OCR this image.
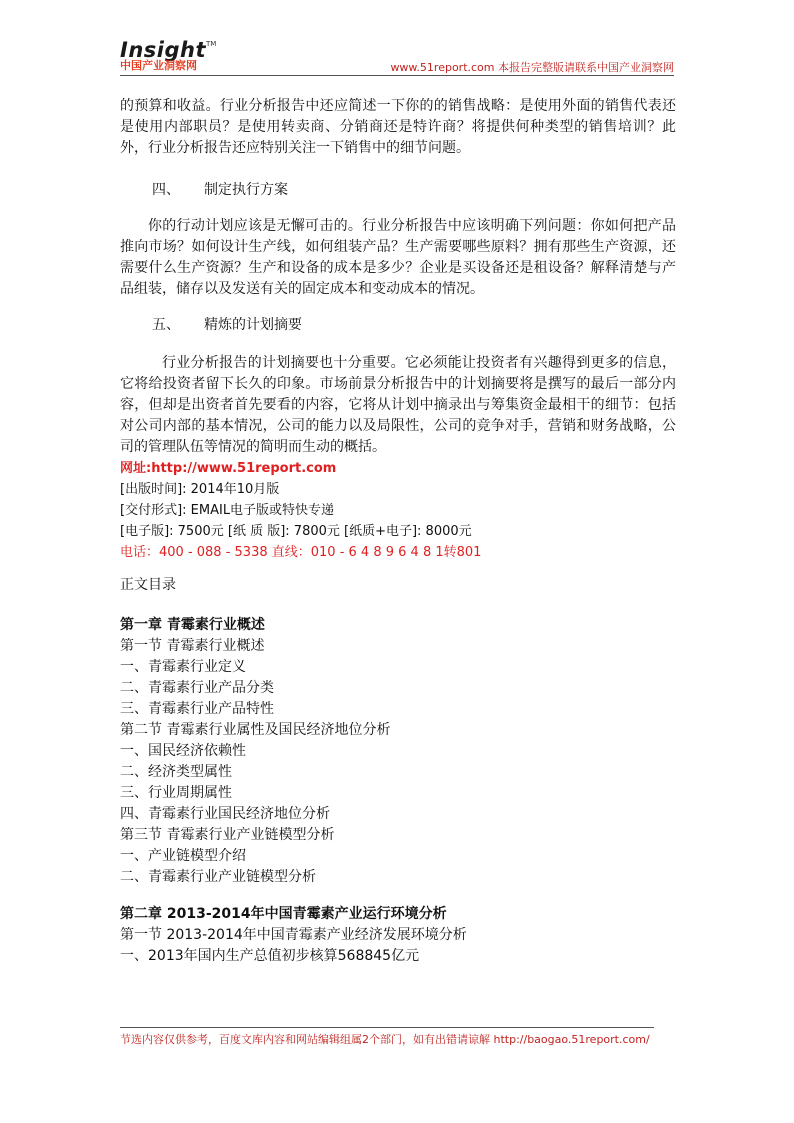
Insight TM
中国产业洞察网	www.51report.com 本报告完整版请联系中国产业洞察网

的预算和收益。行业分析报告中还应简述一下你的的销售战略：是使用外面的销售代表还是使用内部职员？是使用转卖商、分销商还是特许商？将提供何种类型的销售培训？此外，行业分析报告还应特别关注一下销售中的细节问题。

四、 制定执行方案

你的行动计划应该是无懈可击的。行业分析报告中应该明确下列问题：你如何把产品推向市场？如何设计生产线，如何组装产品？生产需要哪些原料？拥有那些生产资源，还需要什么生产资源？生产和设备的成本是多少？企业是买设备还是租设备？解释清楚与产品组装，储存以及发送有关的固定成本和变动成本的情况。

五、 精炼的计划摘要

行业分析报告的计划摘要也十分重要。它必须能让投资者有兴趣得到更多的信息，它将给投资者留下长久的印象。市场前景分析报告中的计划摘要将是撰写的最后一部分内容，但却是出资者首先要看的内容，它将从计划中摘录出与筹集资金最相干的细节：包括对公司内部的基本情况，公司的能力以及局限性，公司的竞争对手，营销和财务战略，公司的管理队伍等情况的简明而生动的概括。

网址:http://www.51report.com

[出版时间]: 2014年10月版

[交付形式]: EMAIL电子版或特快专递

[电子版]: 7500元 [纸 质 版]: 7800元 [纸质+电子]: 8000元

电话：400 - 088 - 5338 直线：010 - 6 4 8 9 6 4 8 1转801

正文目录

第一章 青霉素行业概述

第一节 青霉素行业概述

一、青霉素行业定义

二、青霉素行业产品分类

三、青霉素行业产品特性

第二节 青霉素行业属性及国民经济地位分析

一、国民经济依赖性

二、经济类型属性

三、行业周期属性

四、青霉素行业国民经济地位分析

第三节 青霉素行业产业链模型分析

一、产业链模型介绍

二、青霉素行业产业链模型分析

第二章 2013-2014年中国青霉素产业运行环境分析

第一节 2013-2014年中国青霉素产业经济发展环境分析

一、2013年国内生产总值初步核算568845亿元

节选内容仅供参考，百度文库内容和网站编辑组属2个部门，如有出错请谅解 http://baogao.51report.com/
